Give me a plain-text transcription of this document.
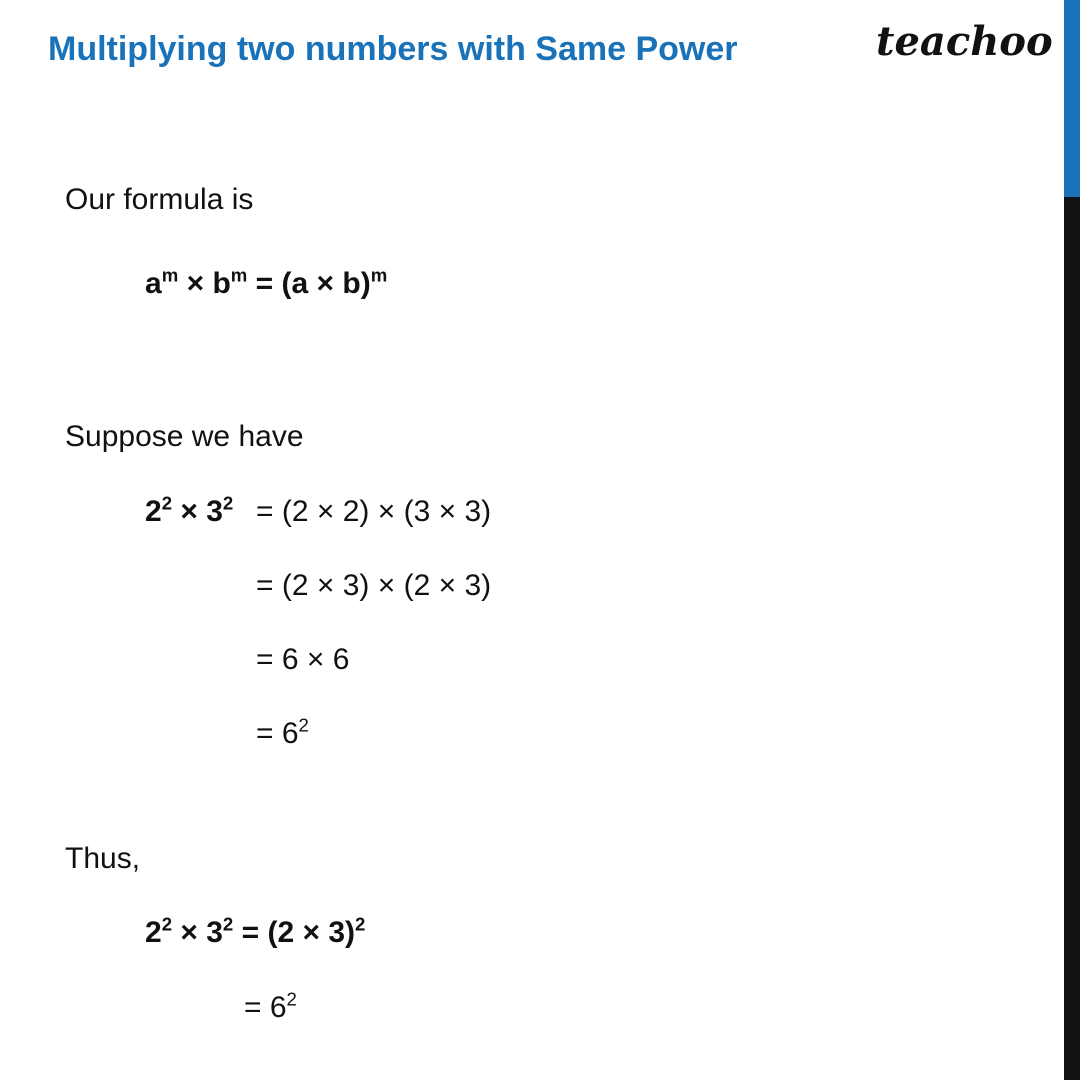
Multiplying two numbers with Same Power	teachoo
Our formula is
$a^m \times b^m = (a \times b)^m$
Suppose we have
$2^2 \times 3^2 = (2 \times 2) \times (3 \times 3)$
= (2 × 3) × (2 × 3)
= 6 × 6
= $6^2$
Thus,
$2^2 \times 3^2 = (2 \times 3)^2$
= $6^2$
